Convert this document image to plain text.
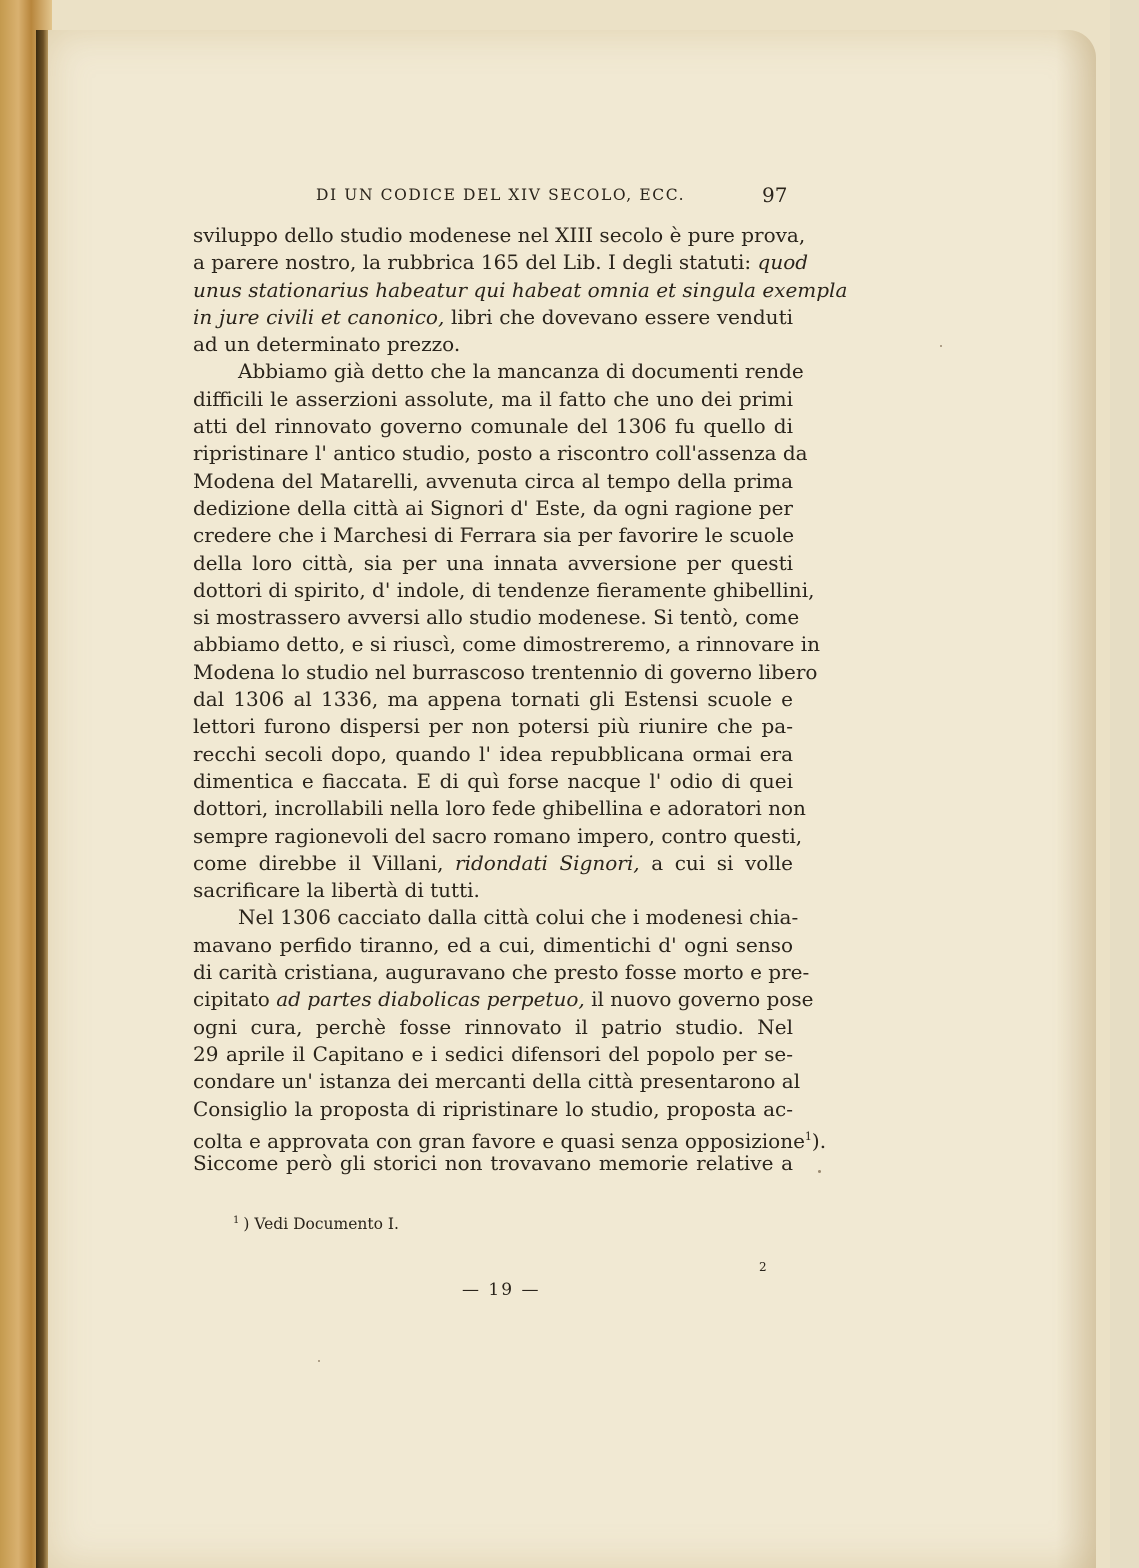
DI UN CODICE DEL XIV SECOLO, ECC.	97
sviluppo dello studio modenese nel XIII secolo è pure prova,
a parere nostro, la rubbrica 165 del Lib. I degli statuti: quod
unus stationarius habeatur qui habeat omnia et singula exempla
in jure civili et canonico, libri che dovevano essere venduti
ad un determinato prezzo.
Abbiamo già detto che la mancanza di documenti rende
difficili le asserzioni assolute, ma il fatto che uno dei primi
atti del rinnovato governo comunale del 1306 fu quello di
ripristinare l' antico studio, posto a riscontro coll'assenza da
Modena del Matarelli, avvenuta circa al tempo della prima
dedizione della città ai Signori d' Este, da ogni ragione per
credere che i Marchesi di Ferrara sia per favorire le scuole
della loro città, sia per una innata avversione per questi
dottori di spirito, d' indole, di tendenze fieramente ghibellini,
si mostrassero avversi allo studio modenese. Si tentò, come
abbiamo detto, e si riuscì, come dimostreremo, a rinnovare in
Modena lo studio nel burrascoso trentennio di governo libero
dal 1306 al 1336, ma appena tornati gli Estensi scuole e
lettori furono dispersi per non potersi più riunire che pa-
recchi secoli dopo, quando l' idea repubblicana ormai era
dimentica e fiaccata. E di quì forse nacque l' odio di quei
dottori, incrollabili nella loro fede ghibellina e adoratori non
sempre ragionevoli del sacro romano impero, contro questi,
come direbbe il Villani, ridondati Signori, a cui si volle
sacrificare la libertà di tutti.
Nel 1306 cacciato dalla città colui che i modenesi chia-
mavano perfido tiranno, ed a cui, dimentichi d' ogni senso
di carità cristiana, auguravano che presto fosse morto e pre-
cipitato ad partes diabolicas perpetuo, il nuovo governo pose
ogni cura, perchè fosse rinnovato il patrio studio. Nel
29 aprile il Capitano e i sedici difensori del popolo per se-
condare un' istanza dei mercanti della città presentarono al
Consiglio la proposta di ripristinare lo studio, proposta ac-
colta e approvata con gran favore e quasi senza opposizione$^1$).
Siccome però gli storici non trovavano memorie relative a
$^1$ ) Vedi Documento I.
2
— 19 —
